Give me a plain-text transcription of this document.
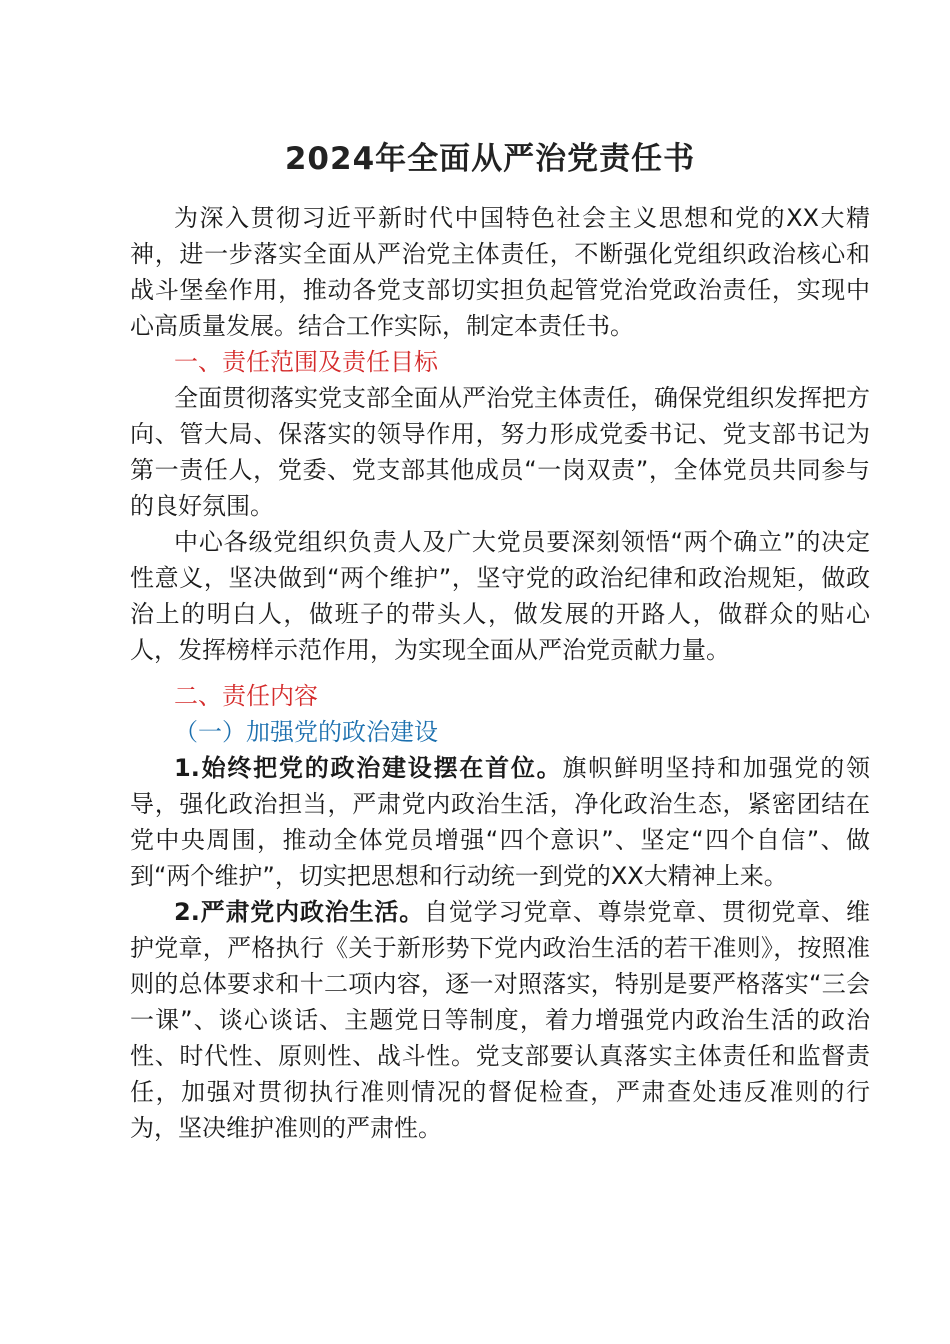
2024年全面从严治党责任书

为深入贯彻习近平新时代中国特色社会主义思想和党的XX大精神，进一步落实全面从严治党主体责任，不断强化党组织政治核心和战斗堡垒作用，推动各党支部切实担负起管党治党政治责任，实现中心高质量发展。结合工作实际，制定本责任书。

一、责任范围及责任目标

全面贯彻落实党支部全面从严治党主体责任，确保党组织发挥把方向、管大局、保落实的领导作用，努力形成党委书记、党支部书记为第一责任人，党委、党支部其他成员“一岗双责”，全体党员共同参与的良好氛围。

中心各级党组织负责人及广大党员要深刻领悟“两个确立”的决定性意义，坚决做到“两个维护”，坚守党的政治纪律和政治规矩，做政治上的明白人，做班子的带头人，做发展的开路人，做群众的贴心人，发挥榜样示范作用，为实现全面从严治党贡献力量。

二、责任内容

（一）加强党的政治建设

1.始终把党的政治建设摆在首位。旗帜鲜明坚持和加强党的领导，强化政治担当，严肃党内政治生活，净化政治生态，紧密团结在党中央周围，推动全体党员增强“四个意识”、坚定“四个自信”、做到“两个维护”，切实把思想和行动统一到党的XX大精神上来。

2.严肃党内政治生活。自觉学习党章、尊崇党章、贯彻党章、维护党章，严格执行《关于新形势下党内政治生活的若干准则》，按照准则的总体要求和十二项内容，逐一对照落实，特别是要严格落实“三会一课”、谈心谈话、主题党日等制度，着力增强党内政治生活的政治性、时代性、原则性、战斗性。党支部要认真落实主体责任和监督责任，加强对贯彻执行准则情况的督促检查，严肃查处违反准则的行为，坚决维护准则的严肃性。
